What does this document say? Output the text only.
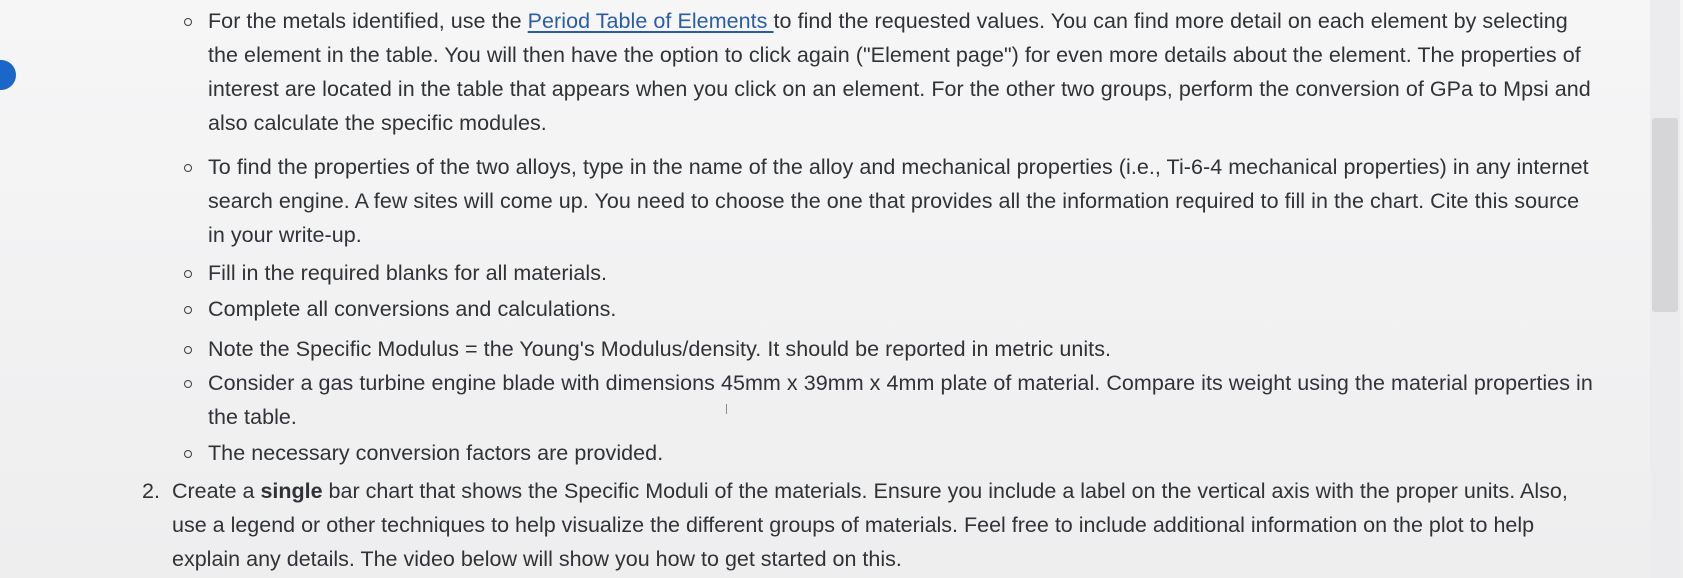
For the metals identified, use the Period Table of Elements to find the requested values. You can find more detail on each element by selecting the element in the table. You will then have the option to click again ("Element page") for even more details about the element. The properties of interest are located in the table that appears when you click on an element. For the other two groups, perform the conversion of GPa to Mpsi and also calculate the specific modules.
To find the properties of the two alloys, type in the name of the alloy and mechanical properties (i.e., Ti-6-4 mechanical properties) in any internet search engine. A few sites will come up. You need to choose the one that provides all the information required to fill in the chart. Cite this source in your write-up.
Fill in the required blanks for all materials.
Complete all conversions and calculations.
Note the Specific Modulus = the Young's Modulus/density. It should be reported in metric units.
Consider a gas turbine engine blade with dimensions 45mm x 39mm x 4mm plate of material. Compare its weight using the material properties in the table.
The necessary conversion factors are provided.
2. Create a single bar chart that shows the Specific Moduli of the materials. Ensure you include a label on the vertical axis with the proper units. Also, use a legend or other techniques to help visualize the different groups of materials. Feel free to include additional information on the plot to help explain any details. The video below will show you how to get started on this.
